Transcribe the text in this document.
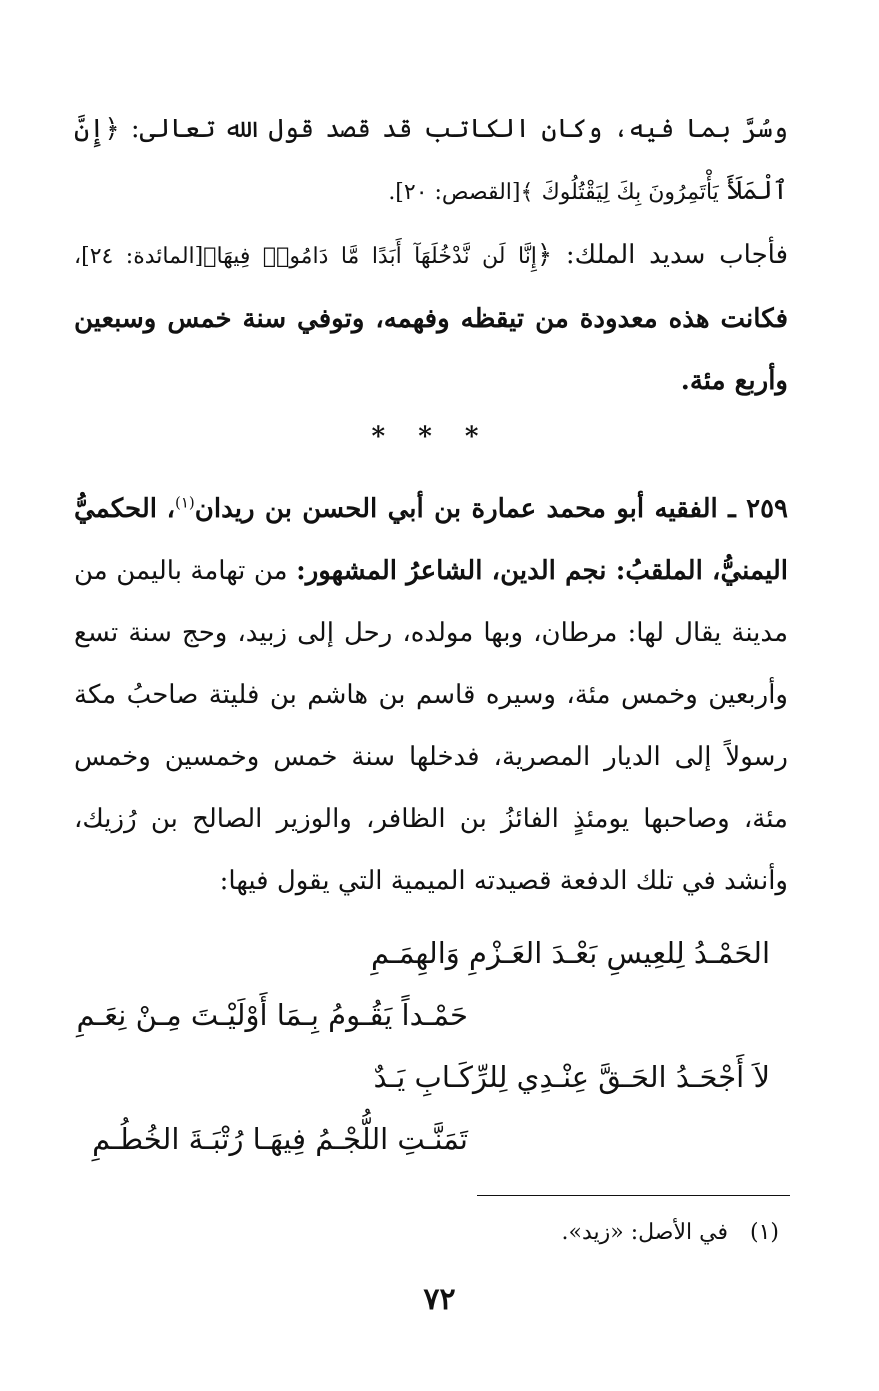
وسُرَّ بما فيه، وكان الكاتب قد قصد قول الله تعالى: ﴿إِنَّ ٱلْمَلَأَ يَأْتَمِرُونَ بِكَ لِيَقْتُلُوكَ ﴾[القصص: ٢٠].

فأجاب سديد الملك: ﴿إِنَّا لَن نَّدْخُلَهَآ أَبَدًا مَّا دَامُوا۟ فِيهَا﴾[المائدة: ٢٤]، فكانت هذه معدودة من تيقظه وفهمه، وتوفي سنة خمس وسبعين وأربع مئة.

* * *

٢٥٩ ـ الفقيه أبو محمد عمارة بن أبي الحسن بن ريدان$^{(١)}$، الحكميُّ اليمنيُّ، الملقبُ: نجم الدين، الشاعرُ المشهور: من تهامة باليمن من مدينة يقال لها: مرطان، وبها مولده، رحل إلى زبيد، وحج سنة تسع وأربعين وخمس مئة، وسيره قاسم بن هاشم بن فليتة صاحبُ مكة رسولاً إلى الديار المصرية، فدخلها سنة خمس وخمسين وخمس مئة، وصاحبها يومئذٍ الفائزُ بن الظافر، والوزير الصالح بن رُزيك، وأنشد في تلك الدفعة قصيدته الميمية التي يقول فيها:

الحَمْـدُ لِلعِيسِ بَعْـدَ العَـزْمِ وَالهِمَـمِ
حَمْـداً يَقُـومُ بِـمَا أَوْلَيْـتَ مِـنْ نِعَـمِ
لاَ أَجْحَـدُ الحَـقَّ عِنْـدِي لِلرِّكَـابِ يَـدٌ
تَمَنَّـتِ اللُّجْـمُ فِيهَـا رُتْبَـةَ الخُطُـمِ
(١)في الأصل: «زيد».
٧٢
